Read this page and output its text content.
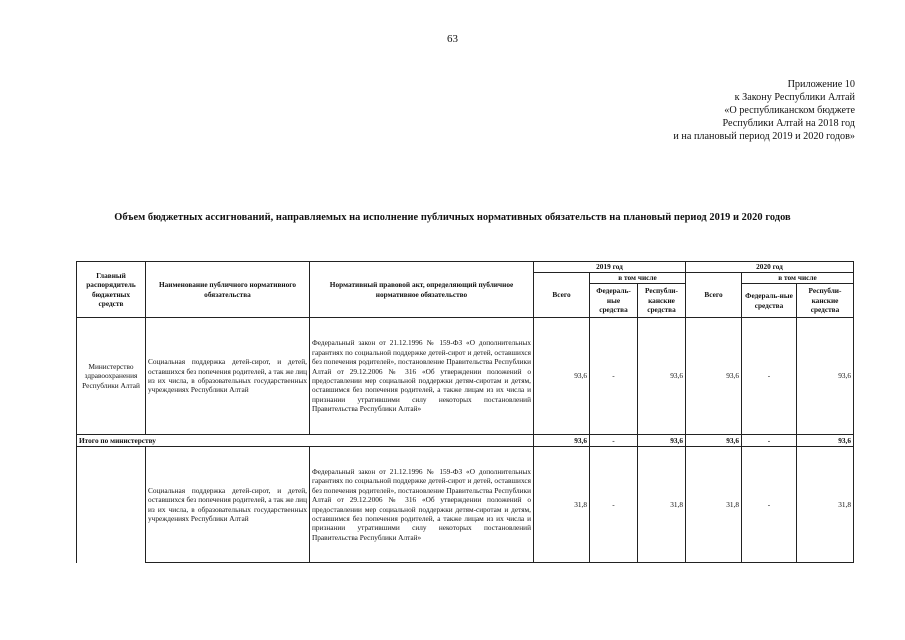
63
Приложение 10
к Закону Республики Алтай
«О республиканском бюджете
Республики Алтай на 2018 год
и на плановый период 2019 и 2020 годов»
Объем бюджетных ассигнований, направляемых на исполнение публичных нормативных обязательств на плановый период 2019 и 2020 годов
Главный распорядитель бюджетных средств	Наименование публичного нормативного обязательства	Нормативный правовой акт, определяющий публичное нормативное обязательство	2019 год			2020 год		
			Всего	в том числе		Всего	в том числе	
				Федераль-ные средства	Республи-канские средства		Федераль-ные средства	Республи-канские средства
Министерство здравоохранения Республики Алтай	Социальная поддержка детей-сирот, и детей, оставшихся без попечения родителей, а так же лиц из их числа, в образовательных государственных учреждениях Республики Алтай	Федеральный закон от 21.12.1996 № 159-ФЗ «О дополнительных гарантиях по социальной поддержке детей-сирот и детей, оставшихся без попечения родителей», постановление Правительства Республики Алтай от 29.12.2006 № 316 «Об утверждении положений о предоставлении мер социальной поддержки детям-сиротам и детям, оставшимся без попечения родителей, а также лицам из их числа и признании утратившими силу некоторых постановлений Правительства Республики Алтай»	93,6	-	93,6	93,6	-	93,6
Итого по министерству			93,6	-	93,6	93,6	-	93,6
	Социальная поддержка детей-сирот, и детей, оставшихся без попечения родителей, а так же лиц из их числа, в образовательных государственных учреждениях Республики Алтай	Федеральный закон от 21.12.1996 № 159-ФЗ «О дополнительных гарантиях по социальной поддержке детей-сирот и детей, оставшихся без попечения родителей», постановление Правительства Республики Алтай от 29.12.2006 № 316 «Об утверждении положений о предоставлении мер социальной поддержки детям-сиротам и детям, оставшимся без попечения родителей, а также лицам из их числа и признании утратившими силу некоторых постановлений Правительства Республики Алтай»	31,8	-	31,8	31,8	-	31,8
